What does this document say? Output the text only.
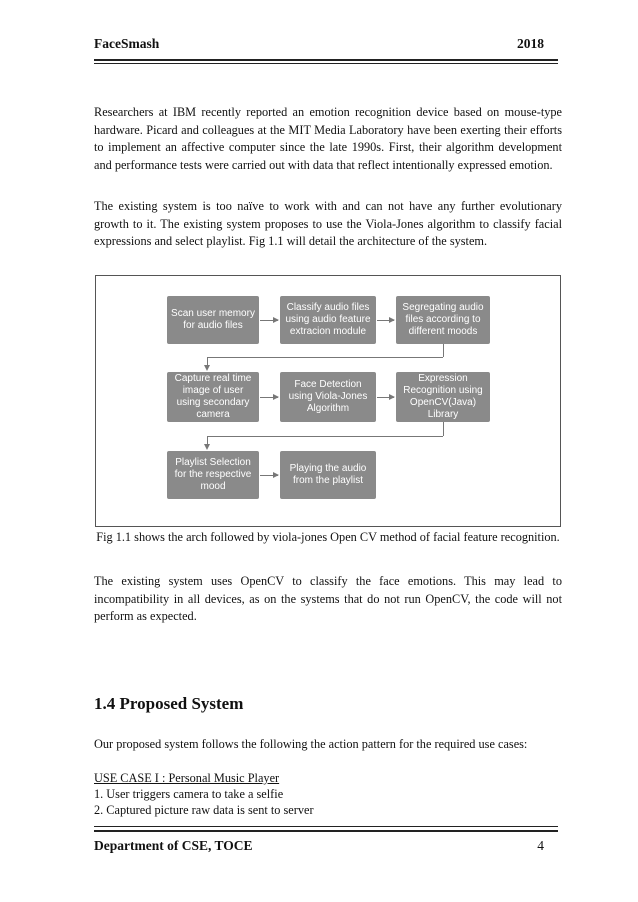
FaceSmash	2018

Researchers at IBM recently reported an emotion recognition device based on mouse-type hardware. Picard and colleagues at the MIT Media Laboratory have been exerting their efforts to implement an affective computer since the late 1990s. First, their algorithm development and performance tests were carried out with data that reflect intentionally expressed emotion.

The existing system is too naïve to work with and can not have any further evolutionary growth to it. The existing system proposes to use the Viola-Jones algorithm to classify facial expressions and select playlist. Fig 1.1 will detail the architecture of the system.

Scan user memory for audio files
Classify audio files using audio feature extracion module
Segregating audio files according to different moods
Capture real time image of user using secondary camera
Face Detection using Viola-Jones Algorithm
Expression Recognition using OpenCV(Java) Library
Playlist Selection for the respective mood
Playing the audio from the playlist

Fig 1.1 shows the arch followed by viola-jones Open CV method of facial feature recognition.

The existing system uses OpenCV to classify the face emotions. This may lead to incompatibility in all devices, as on the systems that do not run OpenCV, the code will not perform as expected.

1.4 Proposed System

Our proposed system follows the following the action pattern for the required use cases:

USE CASE I : Personal Music Player

1. User triggers camera to take a selfie

2. Captured picture raw data is sent to server

Department of CSE, TOCE	4
